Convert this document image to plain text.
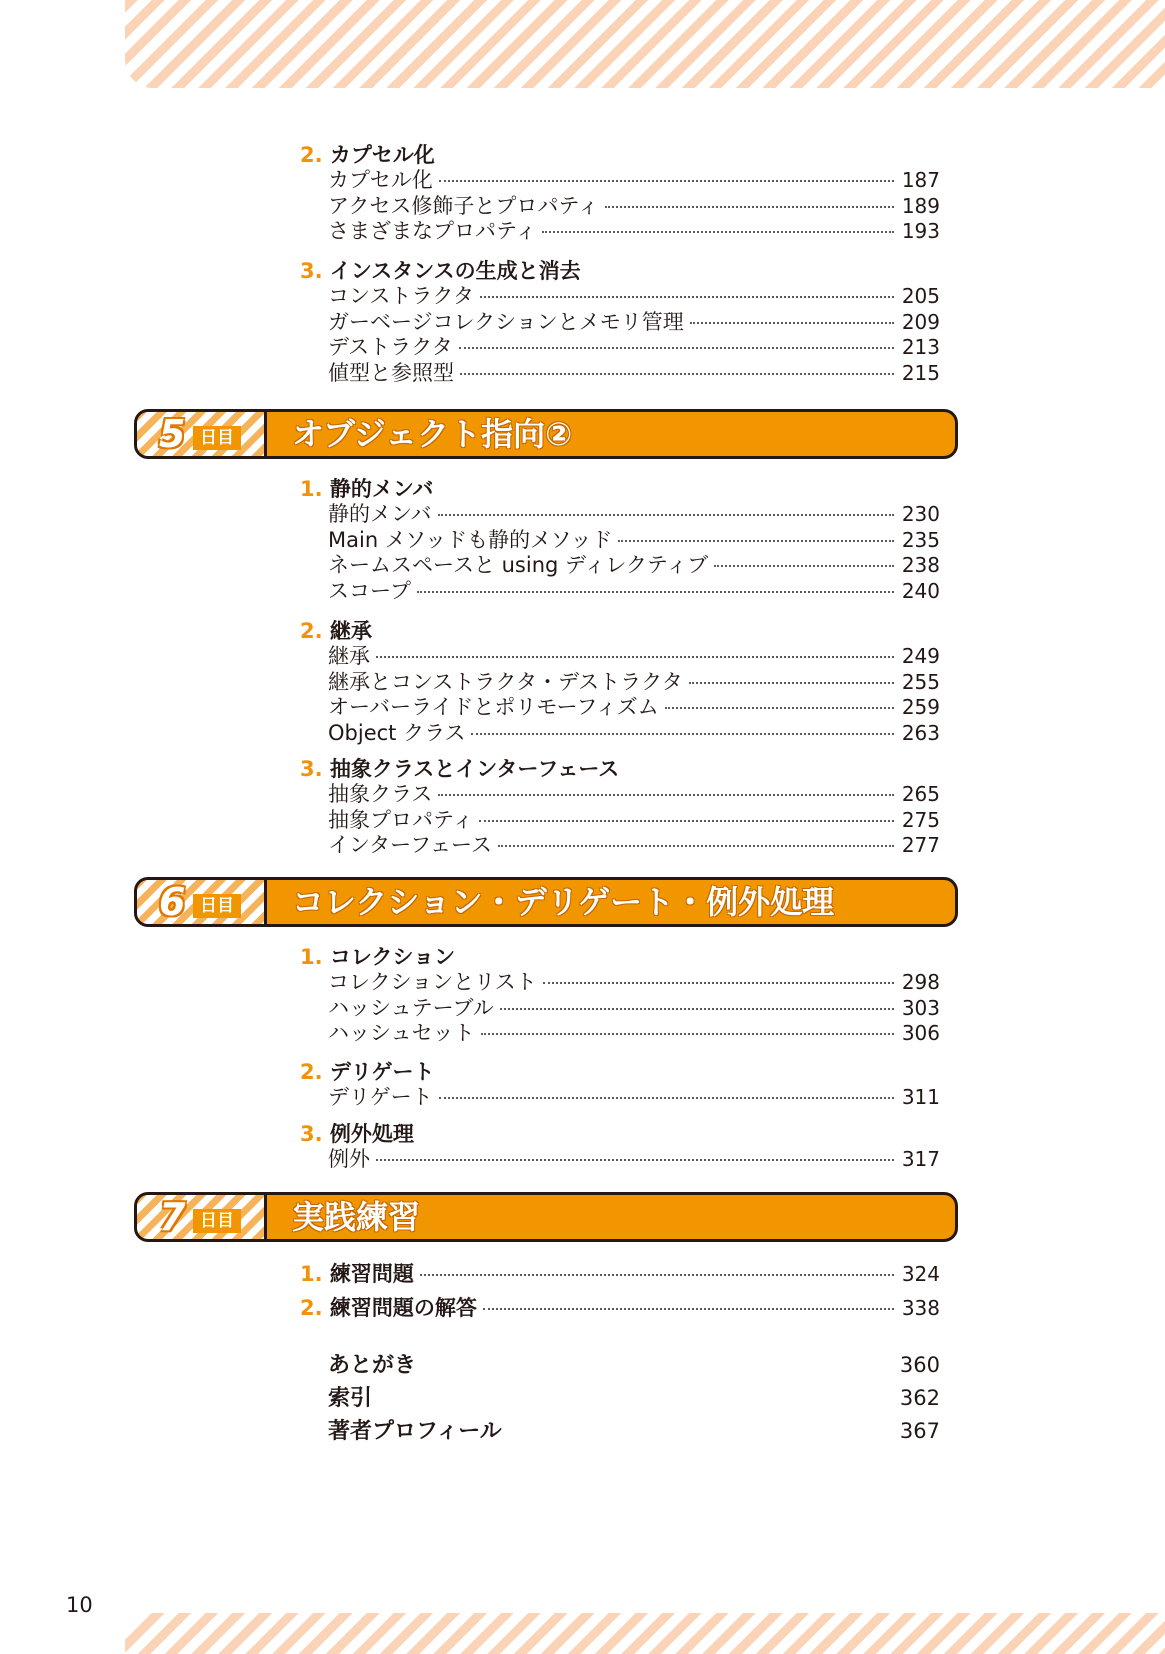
2. カプセル化
カプセル化	187
アクセス修飾子とプロパティ	189
さまざまなプロパティ	193
3. インスタンスの生成と消去
コンストラクタ	205
ガーベージコレクションとメモリ管理	209
デストラクタ	213
値型と参照型	215
5 日目 オブジェクト指向②
1. 静的メンバ
静的メンバ	230
Main メソッドも静的メソッド	235
ネームスペースと using ディレクティブ	238
スコープ	240
2. 継承
継承	249
継承とコンストラクタ・デストラクタ	255
オーバーライドとポリモーフィズム	259
Object クラス	263
3. 抽象クラスとインターフェース
抽象クラス	265
抽象プロパティ	275
インターフェース	277
6 日目 コレクション・デリゲート・例外処理
1. コレクション
コレクションとリスト	298
ハッシュテーブル	303
ハッシュセット	306
2. デリゲート
デリゲート	311
3. 例外処理
例外	317
7 日目 実践練習
1.
練習問題	324
2.
練習問題の解答	338
あとがき	360
索引	362
著者プロフィール	367
10
